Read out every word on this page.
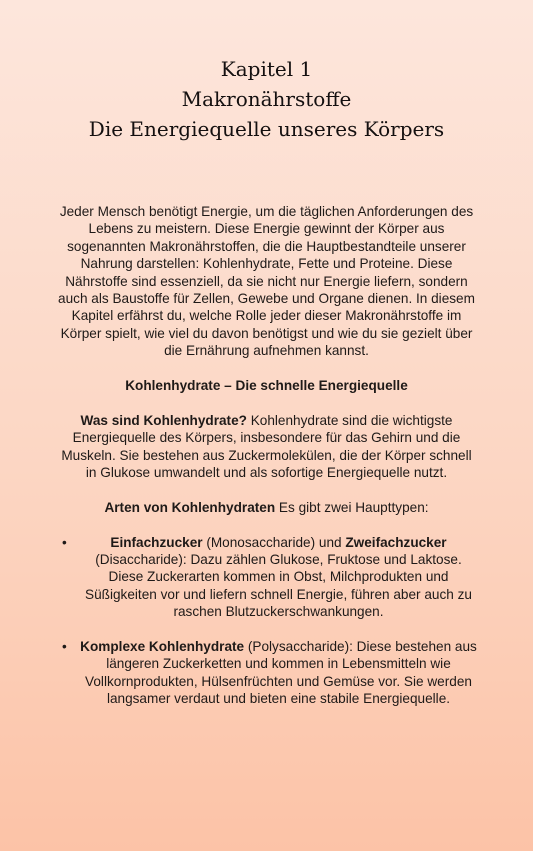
Kapitel 1
Makronährstoffe
Die Energiequelle unseres Körpers

Jeder Mensch benötigt Energie, um die täglichen Anforderungen des Lebens zu meistern. Diese Energie gewinnt der Körper aus sogenannten Makronährstoffen, die die Hauptbestandteile unserer Nahrung darstellen: Kohlenhydrate, Fette und Proteine. Diese Nährstoffe sind essenziell, da sie nicht nur Energie liefern, sondern auch als Baustoffe für Zellen, Gewebe und Organe dienen. In diesem Kapitel erfährst du, welche Rolle jeder dieser Makronährstoffe im Körper spielt, wie viel du davon benötigst und wie du sie gezielt über die Ernährung aufnehmen kannst.

Kohlenhydrate – Die schnelle Energiequelle

Was sind Kohlenhydrate? Kohlenhydrate sind die wichtigste Energiequelle des Körpers, insbesondere für das Gehirn und die Muskeln. Sie bestehen aus Zuckermolekülen, die der Körper schnell in Glukose umwandelt und als sofortige Energiequelle nutzt.

Arten von Kohlenhydraten Es gibt zwei Haupttypen:

•	Einfachzucker (Monosaccharide) und Zweifachzucker (Disaccharide): Dazu zählen Glukose, Fruktose und Laktose. Diese Zuckerarten kommen in Obst, Milchprodukten und Süßigkeiten vor und liefern schnell Energie, führen aber auch zu raschen Blutzuckerschwankungen.
• Komplexe Kohlenhydrate (Polysaccharide): Diese bestehen aus längeren Zuckerketten und kommen in Lebensmitteln wie Vollkornprodukten, Hülsenfrüchten und Gemüse vor. Sie werden langsamer verdaut und bieten eine stabile Energiequelle.
